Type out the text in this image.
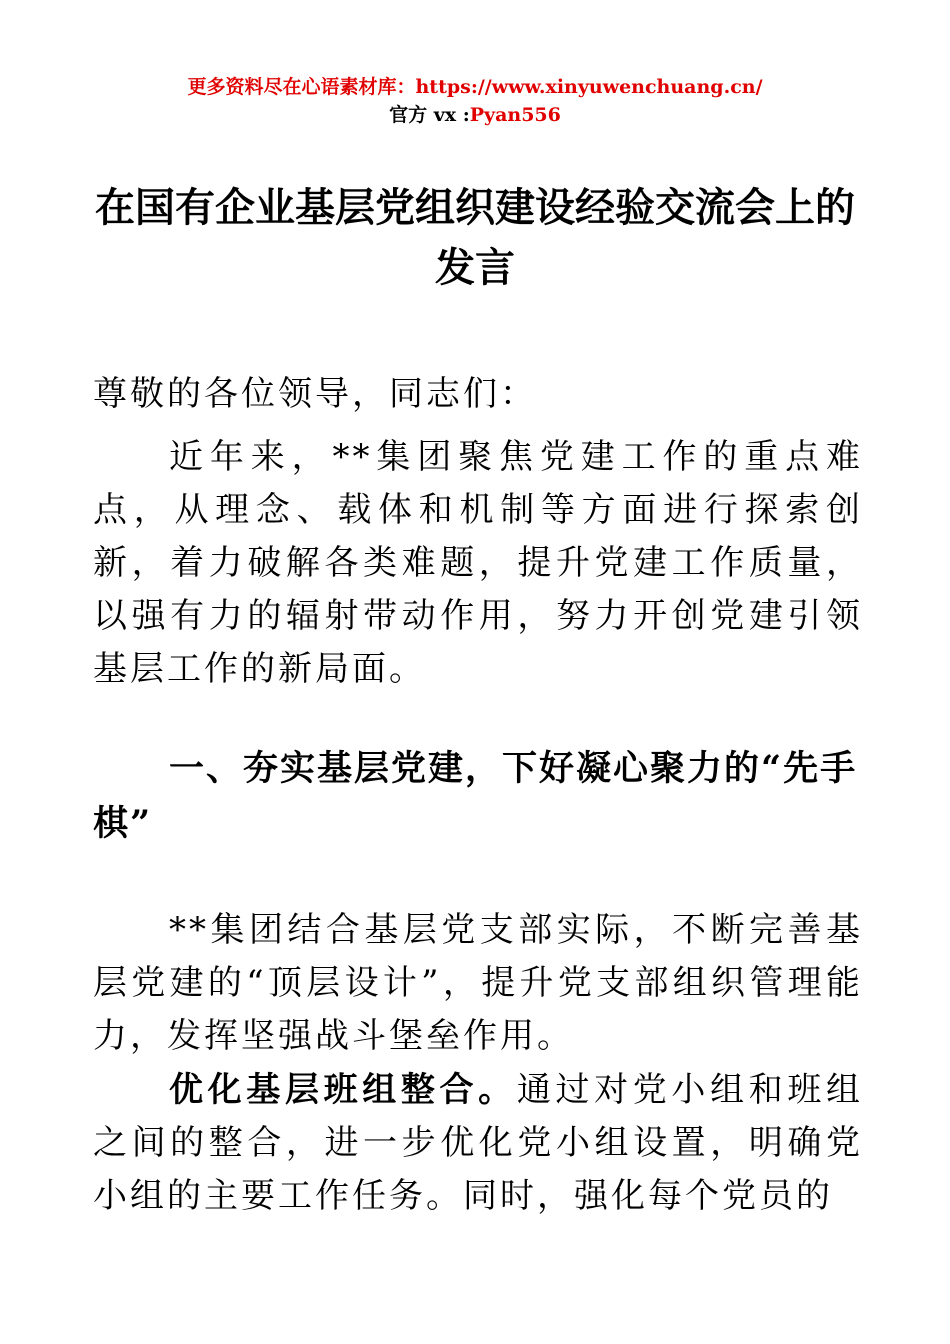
更多资料尽在心语素材库：https://www.xinyuwenchuang.cn/
官方 vx :Pyan556
在国有企业基层党组织建设经验交流会上的发言
尊敬的各位领导，同志们：
近年来，**集团聚焦党建工作的重点难点，从理念、载体和机制等方面进行探索创新，着力破解各类难题，提升党建工作质量，以强有力的辐射带动作用，努力开创党建引领基层工作的新局面。
一、夯实基层党建，下好凝心聚力的“先手棋”
**集团结合基层党支部实际，不断完善基层党建的“顶层设计”，提升党支部组织管理能力，发挥坚强战斗堡垒作用。
优化基层班组整合。通过对党小组和班组之间的整合，进一步优化党小组设置，明确党小组的主要工作任务。同时，强化每个党员的
